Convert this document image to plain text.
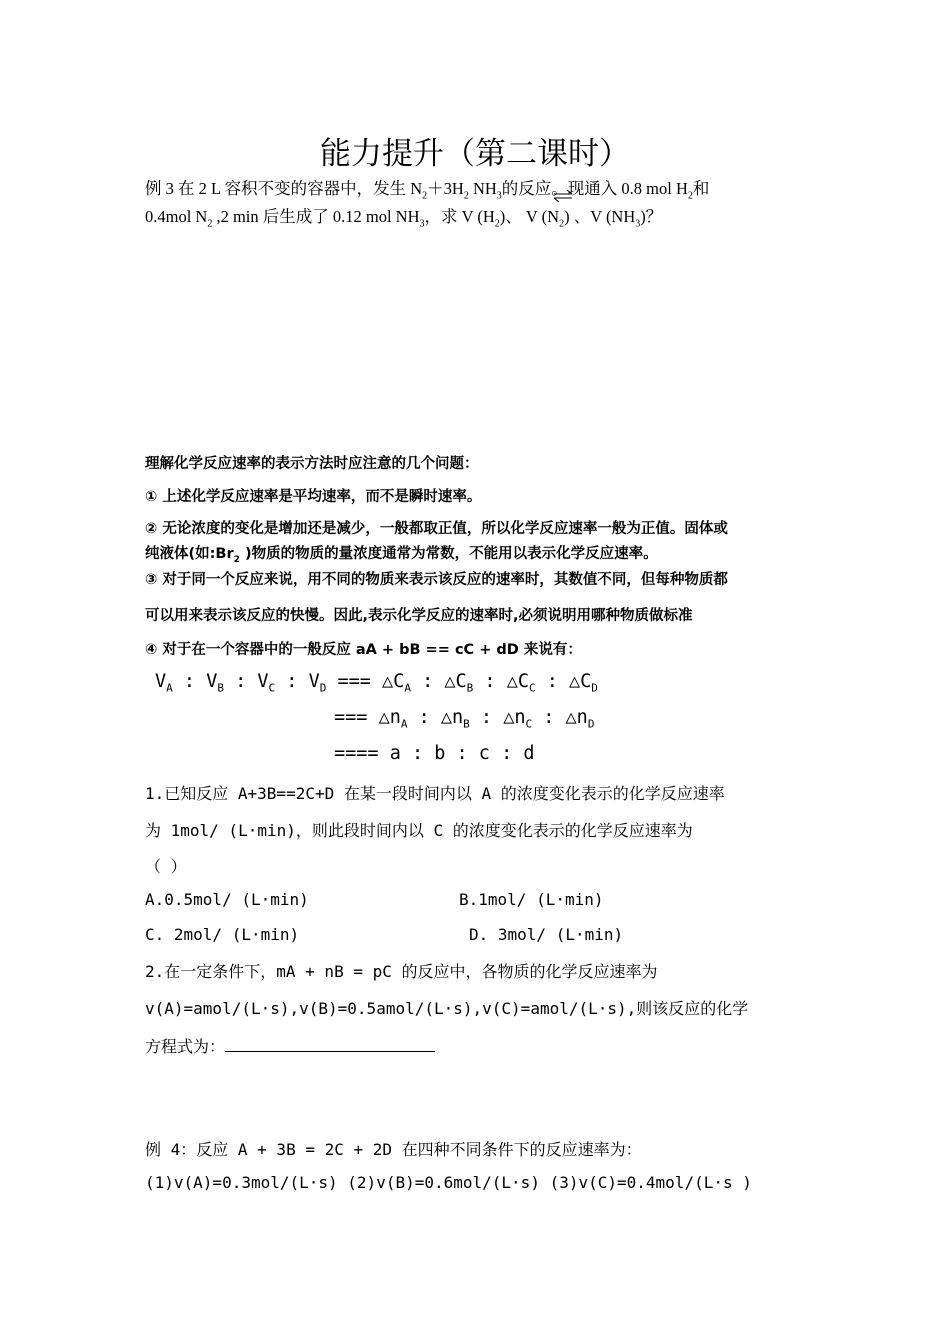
能力提升（第二课时）
例 3 在 2 L 容积不变的容器中，发生 $N_2+3H_2$ $NH_3$的反应。现通入 0.8 mol $H_2$和
0.4mol $N_2$ ,2 min 后生成了 0.12 mol $NH_3$，求 V $(H_2)$、 V $(N_2)$ 、V $(NH_3)$？
理解化学反应速率的表示方法时应注意的几个问题：
① 上述化学反应速率是平均速率，而不是瞬时速率。
② 无论浓度的变化是增加还是减少，一般都取正值，所以化学反应速率一般为正值。固体或
纯液体(如$:Br_2$ )物质的物质的量浓度通常为常数，不能用以表示化学反应速率。
③ 对于同一个反应来说，用不同的物质来表示该反应的速率时，其数值不同，但每种物质都
可以用来表示该反应的快慢。因此,表示化学反应的速率时,必须说明用哪种物质做标准
④ 对于在一个容器中的一般反应 aA + bB == cC + dD 来说有：
$V_A$ : $V_B$ : $V_C$ : $V_D$ === $\triangle C_A$ : $\triangle C_B$ : $\triangle C_C$ : $\triangle C_D$
=== $\triangle n_A$ : $\triangle n_B$ : $\triangle n_C$ : $\triangle n_D$
==== a : b : c : d
1.已知反应 A+3B==2C+D 在某一段时间内以 A 的浓度变化表示的化学反应速率
为 1mol/ (L·min)，则此段时间内以 C 的浓度变化表示的化学反应速率为
（ ）
A.0.5mol/ (L·min)	B.1mol/ (L·min)
C. 2mol/ (L·min)	D. 3mol/ (L·min)
2.在一定条件下，mA + nB = pC 的反应中，各物质的化学反应速率为
v(A)=amol/(L·s),v(B)=0.5amol/(L·s),v(C)=amol/(L·s),则该反应的化学
方程式为：
例 4：反应 A + 3B = 2C + 2D 在四种不同条件下的反应速率为：
(1)v(A)=0.3mol/(L·s) (2)v(B)=0.6mol/(L·s) (3)v(C)=0.4mol/(L·s )
